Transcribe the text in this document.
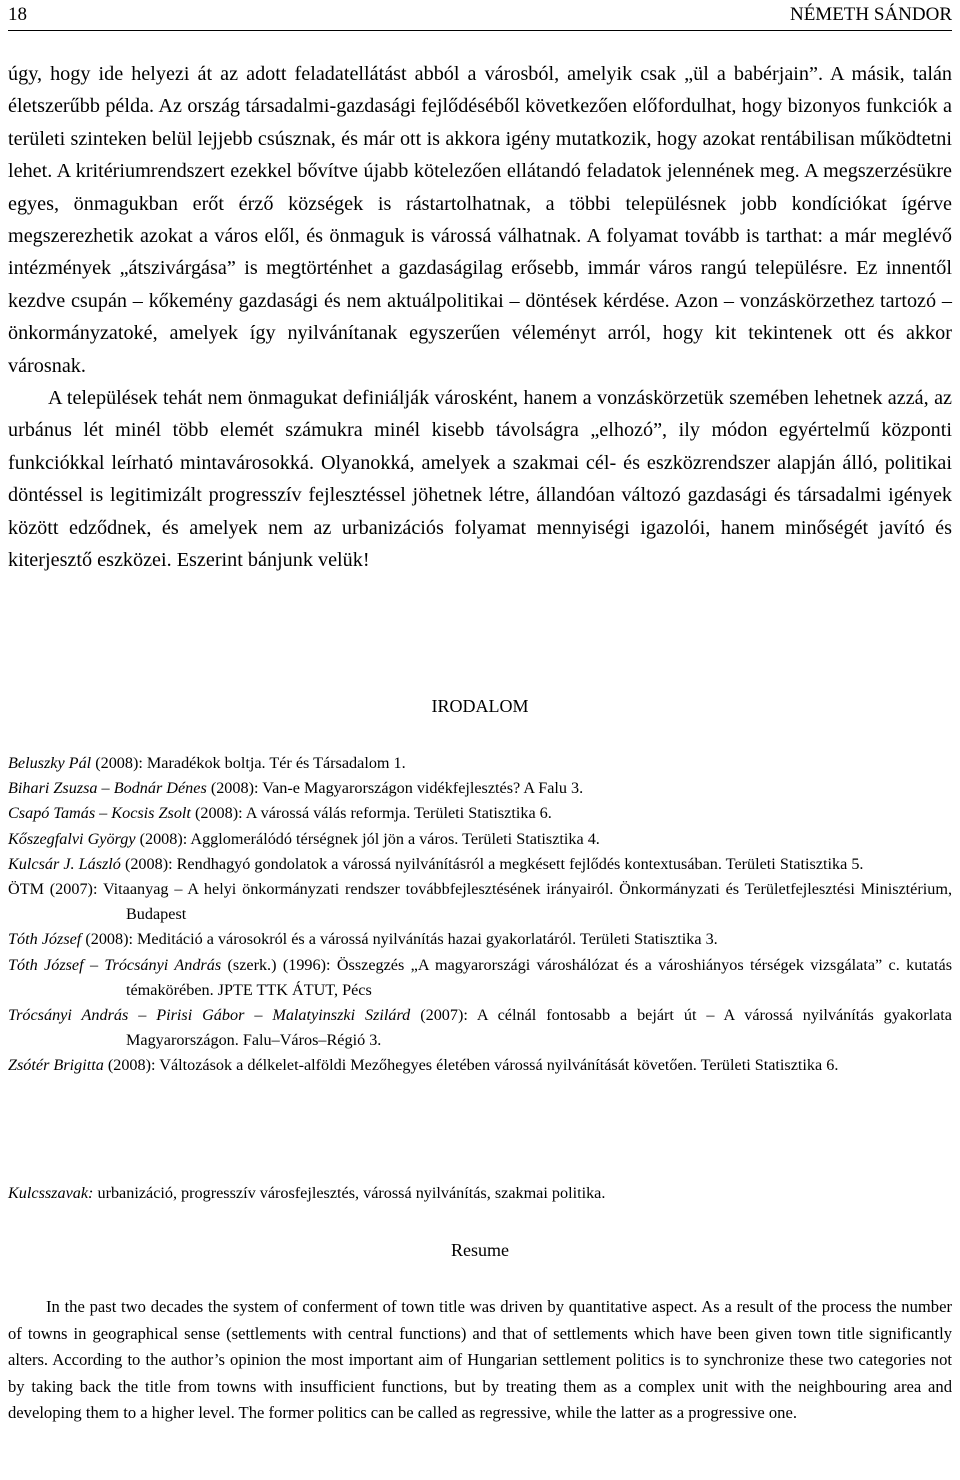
18	NÉMETH SÁNDOR

úgy, hogy ide helyezi át az adott feladatellátást abból a városból, amelyik csak „ül a babérjain”. A másik, talán életszerűbb példa. Az ország társadalmi-gazdasági fejlődéséből következően előfordulhat, hogy bizonyos funkciók a területi szinteken belül lejjebb csúsznak, és már ott is akkora igény mutatkozik, hogy azokat rentábilisan működtetni lehet. A kritériumrendszert ezekkel bővítve újabb kötelezően ellátandó feladatok jelennének meg. A megszerzésükre egyes, önmagukban erőt érző községek is rástartolhatnak, a többi településnek jobb kondíciókat ígérve megszerezhetik azokat a város elől, és önmaguk is várossá válhatnak. A folyamat tovább is tarthat: a már meglévő intézmények „átszivárgása” is megtörténhet a gazdaságilag erősebb, immár város rangú településre. Ez innentől kezdve csupán – kőkemény gazdasági és nem aktuálpolitikai – döntések kérdése. Azon – vonzáskörzethez tartozó – önkormányzatoké, amelyek így nyilvánítanak egyszerűen véleményt arról, hogy kit tekintenek ott és akkor városnak.

A települések tehát nem önmagukat definiálják városként, hanem a vonzáskörzetük szemében lehetnek azzá, az urbánus lét minél több elemét számukra minél kisebb távolságra „elhozó”, ily módon egyértelmű központi funkciókkal leírható mintavárosokká. Olyanokká, amelyek a szakmai cél- és eszközrendszer alapján álló, politikai döntéssel is legitimizált progresszív fejlesztéssel jöhetnek létre, állandóan változó gazdasági és társadalmi igények között edződnek, és amelyek nem az urbanizációs folyamat mennyiségi igazolói, hanem minőségét javító és kiterjesztő eszközei. Eszerint bánjunk velük!

IRODALOM
Beluszky Pál (2008): Maradékok boltja. Tér és Társadalom 1.
Bihari Zsuzsa – Bodnár Dénes (2008): Van-e Magyarországon vidékfejlesztés? A Falu 3.
Csapó Tamás – Kocsis Zsolt (2008): A várossá válás reformja. Területi Statisztika 6.
Kőszegfalvi György (2008): Agglomerálódó térségnek jól jön a város. Területi Statisztika 4.
Kulcsár J. László (2008): Rendhagyó gondolatok a várossá nyilvánításról a megkésett fejlődés kontextusában. Területi Statisztika 5.
ÖTM (2007): Vitaanyag – A helyi önkormányzati rendszer továbbfejlesztésének irányairól. Önkormányzati és Területfejlesztési Minisztérium, Budapest
Tóth József (2008): Meditáció a városokról és a várossá nyilvánítás hazai gyakorlatáról. Területi Statisztika 3.
Tóth József – Trócsányi András (szerk.) (1996): Összegzés „A magyarországi városhálózat és a városhiányos térségek vizsgálata” c. kutatás témakörében. JPTE TTK ÁTUT, Pécs
Trócsányi András – Pirisi Gábor – Malatyinszki Szilárd (2007): A célnál fontosabb a bejárt út – A várossá nyilvánítás gyakorlata Magyarországon. Falu–Város–Régió 3.
Zsótér Brigitta (2008): Változások a délkelet-alföldi Mezőhegyes életében várossá nyilvánítását követően. Területi Statisztika 6.
Kulcsszavak: urbanizáció, progresszív városfejlesztés, várossá nyilvánítás, szakmai politika.
Resume

In the past two decades the system of conferment of town title was driven by quantitative aspect. As a result of the process the number of towns in geographical sense (settlements with central functions) and that of settlements which have been given town title significantly alters. According to the author’s opinion the most important aim of Hungarian settlement politics is to synchronize these two categories not by taking back the title from towns with insufficient functions, but by treating them as a complex unit with the neighbouring area and developing them to a higher level. The former politics can be called as regressive, while the latter as a progressive one.
